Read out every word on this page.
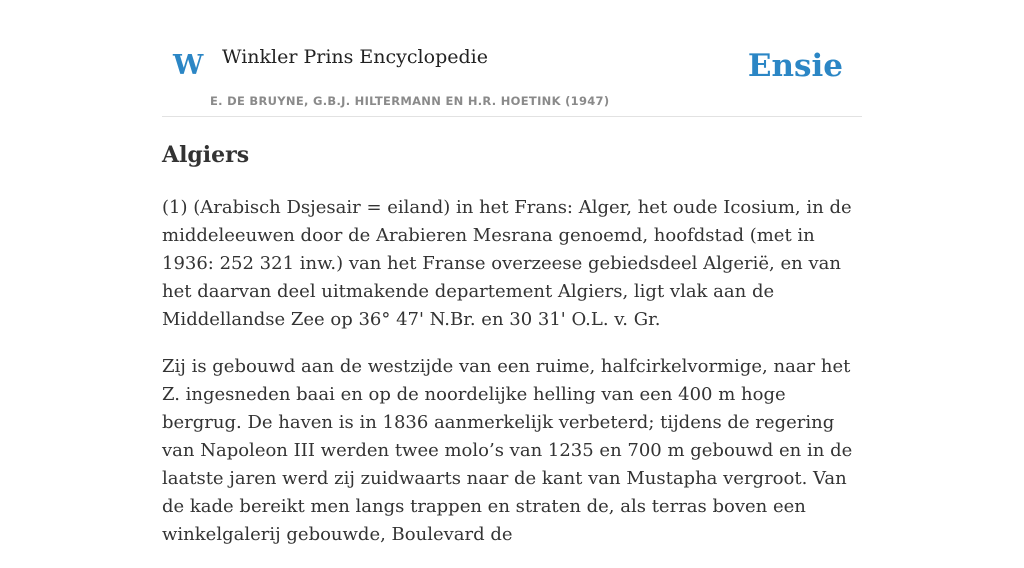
W Winkler Prins Encyclopedie
E. DE BRUYNE, G.B.J. HILTERMANN EN H.R. HOETINK (1947)
Ensie
Algiers

(1) (Arabisch Dsjesair = eiland) in het Frans: Alger, het oude Icosium, in de middeleeuwen door de Arabieren Mesrana genoemd, hoofdstad (met in 1936: 252 321 inw.) van het Franse overzeese gebiedsdeel Algerië, en van het daarvan deel uitmakende departement Algiers, ligt vlak aan de Middellandse Zee op 36° 47' N.Br. en 30 31' O.L. v. Gr.

Zij is gebouwd aan de westzijde van een ruime, halfcirkelvormige, naar het Z. ingesneden baai en op de noordelijke helling van een 400 m hoge bergrug. De haven is in 1836 aanmerkelijk verbeterd; tijdens de regering van Napoleon III werden twee molo’s van 1235 en 700 m gebouwd en in de laatste jaren werd zij zuidwaarts naar de kant van Mustapha vergroot. Van de kade bereikt men langs trappen en straten de, als terras boven een winkelgalerij gebouwde, Boulevard de
